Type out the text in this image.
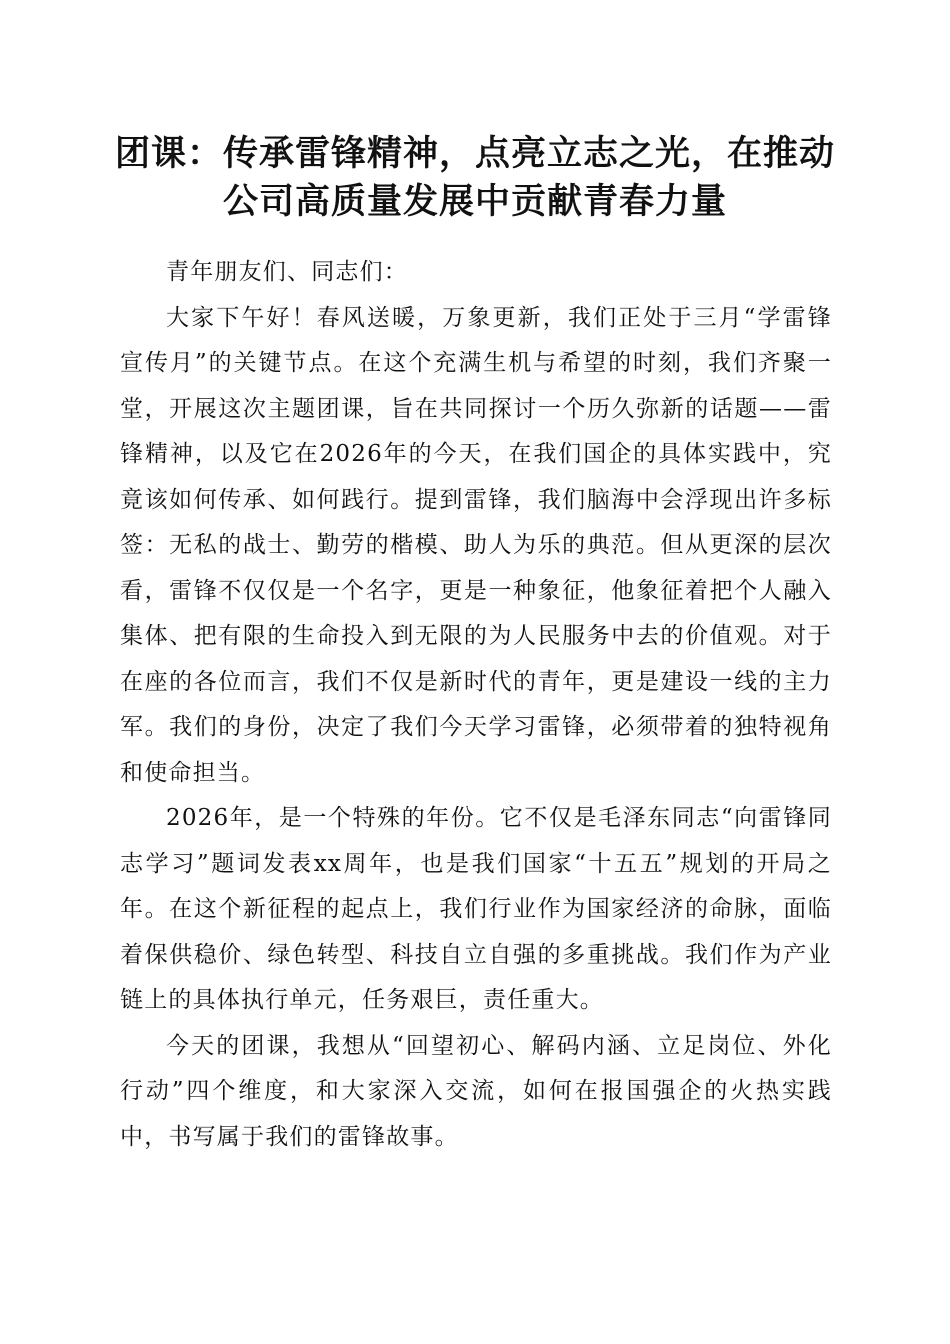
团课：传承雷锋精神，点亮立志之光，在推动
公司高质量发展中贡献青春力量

青年朋友们、同志们：

大家下午好！春风送暖，万象更新，我们正处于三月“学雷锋宣传月”的关键节点。在这个充满生机与希望的时刻，我们齐聚一堂，开展这次主题团课，旨在共同探讨一个历久弥新的话题——雷锋精神，以及它在2026年的今天，在我们国企的具体实践中，究竟该如何传承、如何践行。提到雷锋，我们脑海中会浮现出许多标签：无私的战士、勤劳的楷模、助人为乐的典范。但从更深的层次看，雷锋不仅仅是一个名字，更是一种象征，他象征着把个人融入集体、把有限的生命投入到无限的为人民服务中去的价值观。对于在座的各位而言，我们不仅是新时代的青年，更是建设一线的主力军。我们的身份，决定了我们今天学习雷锋，必须带着的独特视角和使命担当。

2026年，是一个特殊的年份。它不仅是毛泽东同志“向雷锋同志学习”题词发表xx周年，也是我们国家“十五五”规划的开局之年。在这个新征程的起点上，我们行业作为国家经济的命脉，面临着保供稳价、绿色转型、科技自立自强的多重挑战。我们作为产业链上的具体执行单元，任务艰巨，责任重大。

今天的团课，我想从“回望初心、解码内涵、立足岗位、外化行动”四个维度，和大家深入交流，如何在报国强企的火热实践中，书写属于我们的雷锋故事。
